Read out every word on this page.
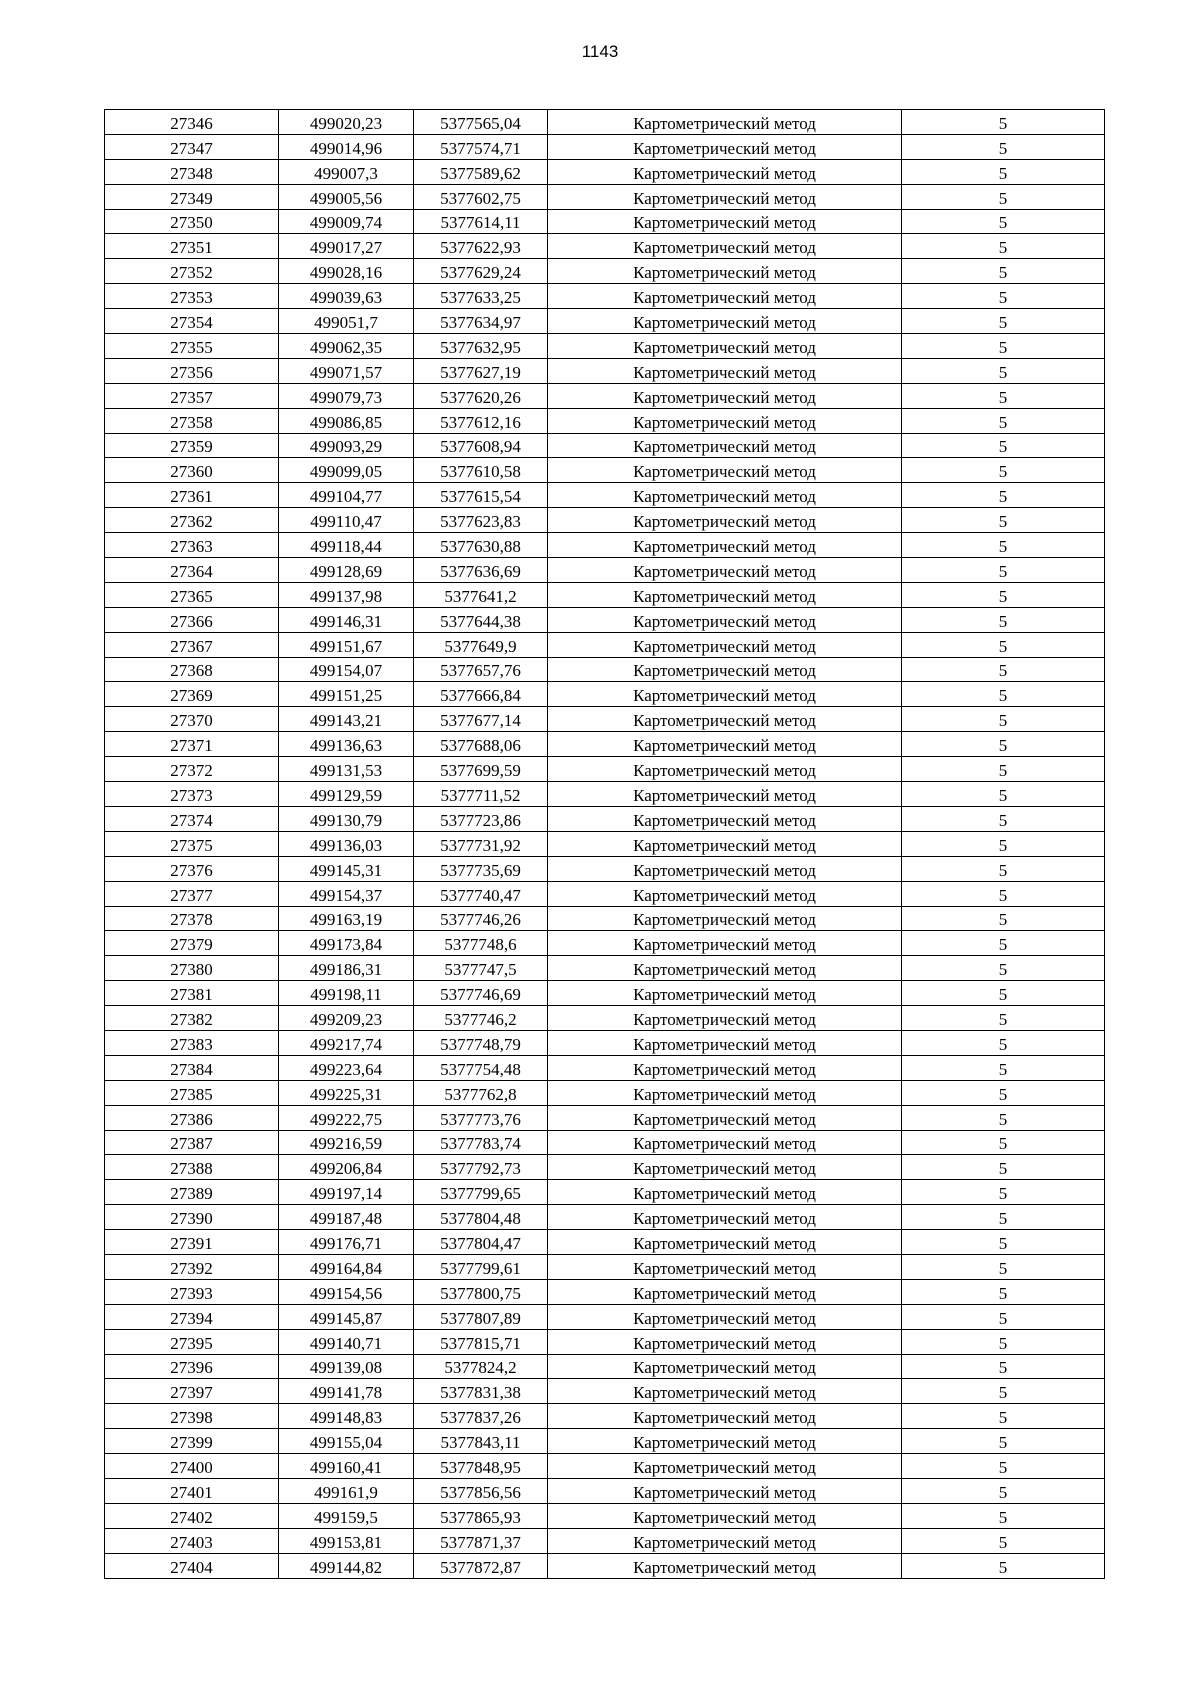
1143
27346	499020,23	5377565,04	Картометрический метод	5
27347	499014,96	5377574,71	Картометрический метод	5
27348	499007,3	5377589,62	Картометрический метод	5
27349	499005,56	5377602,75	Картометрический метод	5
27350	499009,74	5377614,11	Картометрический метод	5
27351	499017,27	5377622,93	Картометрический метод	5
27352	499028,16	5377629,24	Картометрический метод	5
27353	499039,63	5377633,25	Картометрический метод	5
27354	499051,7	5377634,97	Картометрический метод	5
27355	499062,35	5377632,95	Картометрический метод	5
27356	499071,57	5377627,19	Картометрический метод	5
27357	499079,73	5377620,26	Картометрический метод	5
27358	499086,85	5377612,16	Картометрический метод	5
27359	499093,29	5377608,94	Картометрический метод	5
27360	499099,05	5377610,58	Картометрический метод	5
27361	499104,77	5377615,54	Картометрический метод	5
27362	499110,47	5377623,83	Картометрический метод	5
27363	499118,44	5377630,88	Картометрический метод	5
27364	499128,69	5377636,69	Картометрический метод	5
27365	499137,98	5377641,2	Картометрический метод	5
27366	499146,31	5377644,38	Картометрический метод	5
27367	499151,67	5377649,9	Картометрический метод	5
27368	499154,07	5377657,76	Картометрический метод	5
27369	499151,25	5377666,84	Картометрический метод	5
27370	499143,21	5377677,14	Картометрический метод	5
27371	499136,63	5377688,06	Картометрический метод	5
27372	499131,53	5377699,59	Картометрический метод	5
27373	499129,59	5377711,52	Картометрический метод	5
27374	499130,79	5377723,86	Картометрический метод	5
27375	499136,03	5377731,92	Картометрический метод	5
27376	499145,31	5377735,69	Картометрический метод	5
27377	499154,37	5377740,47	Картометрический метод	5
27378	499163,19	5377746,26	Картометрический метод	5
27379	499173,84	5377748,6	Картометрический метод	5
27380	499186,31	5377747,5	Картометрический метод	5
27381	499198,11	5377746,69	Картометрический метод	5
27382	499209,23	5377746,2	Картометрический метод	5
27383	499217,74	5377748,79	Картометрический метод	5
27384	499223,64	5377754,48	Картометрический метод	5
27385	499225,31	5377762,8	Картометрический метод	5
27386	499222,75	5377773,76	Картометрический метод	5
27387	499216,59	5377783,74	Картометрический метод	5
27388	499206,84	5377792,73	Картометрический метод	5
27389	499197,14	5377799,65	Картометрический метод	5
27390	499187,48	5377804,48	Картометрический метод	5
27391	499176,71	5377804,47	Картометрический метод	5
27392	499164,84	5377799,61	Картометрический метод	5
27393	499154,56	5377800,75	Картометрический метод	5
27394	499145,87	5377807,89	Картометрический метод	5
27395	499140,71	5377815,71	Картометрический метод	5
27396	499139,08	5377824,2	Картометрический метод	5
27397	499141,78	5377831,38	Картометрический метод	5
27398	499148,83	5377837,26	Картометрический метод	5
27399	499155,04	5377843,11	Картометрический метод	5
27400	499160,41	5377848,95	Картометрический метод	5
27401	499161,9	5377856,56	Картометрический метод	5
27402	499159,5	5377865,93	Картометрический метод	5
27403	499153,81	5377871,37	Картометрический метод	5
27404	499144,82	5377872,87	Картометрический метод	5
